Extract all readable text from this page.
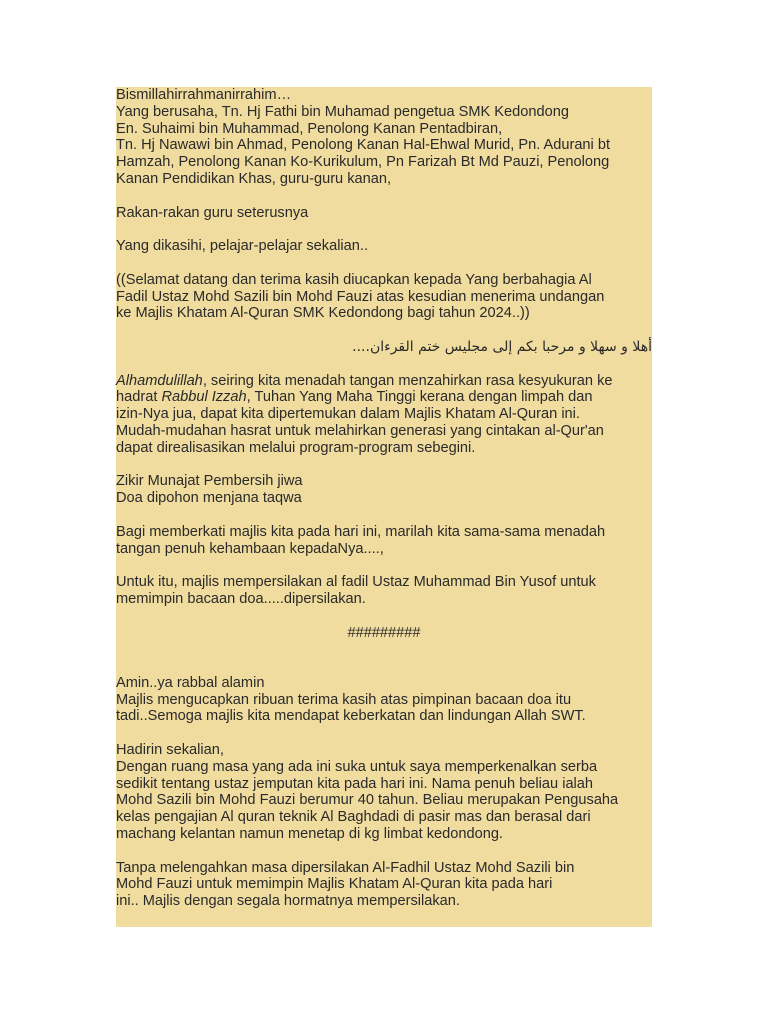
Bismillahirrahmanirrahim…
Yang berusaha, Tn. Hj Fathi bin Muhamad pengetua SMK Kedondong
En. Suhaimi bin Muhammad, Penolong Kanan Pentadbiran,
Tn. Hj Nawawi bin Ahmad, Penolong Kanan Hal-Ehwal Murid, Pn. Adurani bt
Hamzah, Penolong Kanan Ko-Kurikulum, Pn Farizah Bt Md Pauzi, Penolong
Kanan Pendidikan Khas, guru-guru kanan,
Rakan-rakan guru seterusnya
Yang dikasihi, pelajar-pelajar sekalian..
((Selamat datang dan terima kasih diucapkan kepada Yang berbahagia Al
Fadil Ustaz Mohd Sazili bin Mohd Fauzi atas kesudian menerima undangan
ke Majlis Khatam Al-Quran SMK Kedondong bagi tahun 2024..))
أهلا و سهلا و مرحبا بكم إلى مجليس ختم القرءان....
Alhamdulillah, seiring kita menadah tangan menzahirkan rasa kesyukuran ke
hadrat Rabbul Izzah, Tuhan Yang Maha Tinggi kerana dengan limpah dan
izin-Nya jua, dapat kita dipertemukan dalam Majlis Khatam Al-Quran ini.
Mudah-mudahan hasrat untuk melahirkan generasi yang cintakan al-Qur'an
dapat direalisasikan melalui program-program sebegini.
Zikir Munajat Pembersih jiwa
Doa dipohon menjana taqwa
Bagi memberkati majlis kita pada hari ini, marilah kita sama-sama menadah
tangan penuh kehambaan kepadaNya....,
Untuk itu, majlis mempersilakan al fadil Ustaz Muhammad Bin Yusof untuk
memimpin bacaan doa.....dipersilakan.
#########
Amin..ya rabbal alamin
Majlis mengucapkan ribuan terima kasih atas pimpinan bacaan doa itu
tadi..Semoga majlis kita mendapat keberkatan dan lindungan Allah SWT.
Hadirin sekalian,
Dengan ruang masa yang ada ini suka untuk saya memperkenalkan serba
sedikit tentang ustaz jemputan kita pada hari ini. Nama penuh beliau ialah
Mohd Sazili bin Mohd Fauzi berumur 40 tahun. Beliau merupakan Pengusaha
kelas pengajian Al quran teknik Al Baghdadi di pasir mas dan berasal dari
machang kelantan namun menetap di kg limbat kedondong.
Tanpa melengahkan masa dipersilakan Al-Fadhil Ustaz Mohd Sazili bin
Mohd Fauzi untuk memimpin Majlis Khatam Al-Quran kita pada hari
ini.. Majlis dengan segala hormatnya mempersilakan.
